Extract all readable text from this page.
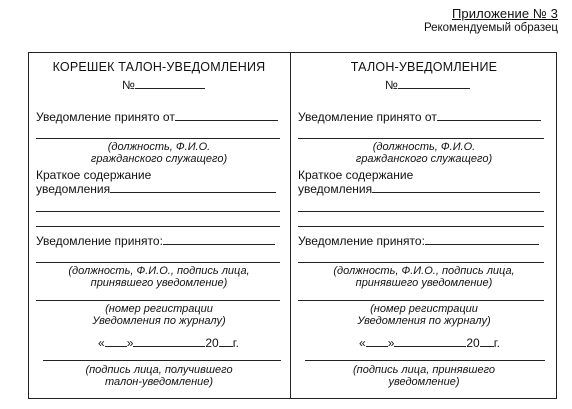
Приложение № 3
Рекомендуемый образец
КОРЕШЕК ТАЛОН-УВЕДОМЛЕНИЯ
№
Уведомление принято от
(должность, Ф.И.О.
гражданского служащего)
Краткое содержание
уведомления
Уведомление принято:
(должность, Ф.И.О., подпись лица,
принявшего уведомление)
(номер регистрации
Уведомления по журналу)
« »	20 г.
(подпись лица, получившего
талон-уведомление)
ТАЛОН-УВЕДОМЛЕНИЕ
№
Уведомление принято от
(должность, Ф.И.О.
гражданского служащего)
Краткое содержание
уведомления
Уведомление принято:
(должность, Ф.И.О., подпись лица,
принявшего уведомление)
(номер регистрации
Уведомления по журналу)
« »	20 г.
(подпись лица, принявшего
уведомление)
